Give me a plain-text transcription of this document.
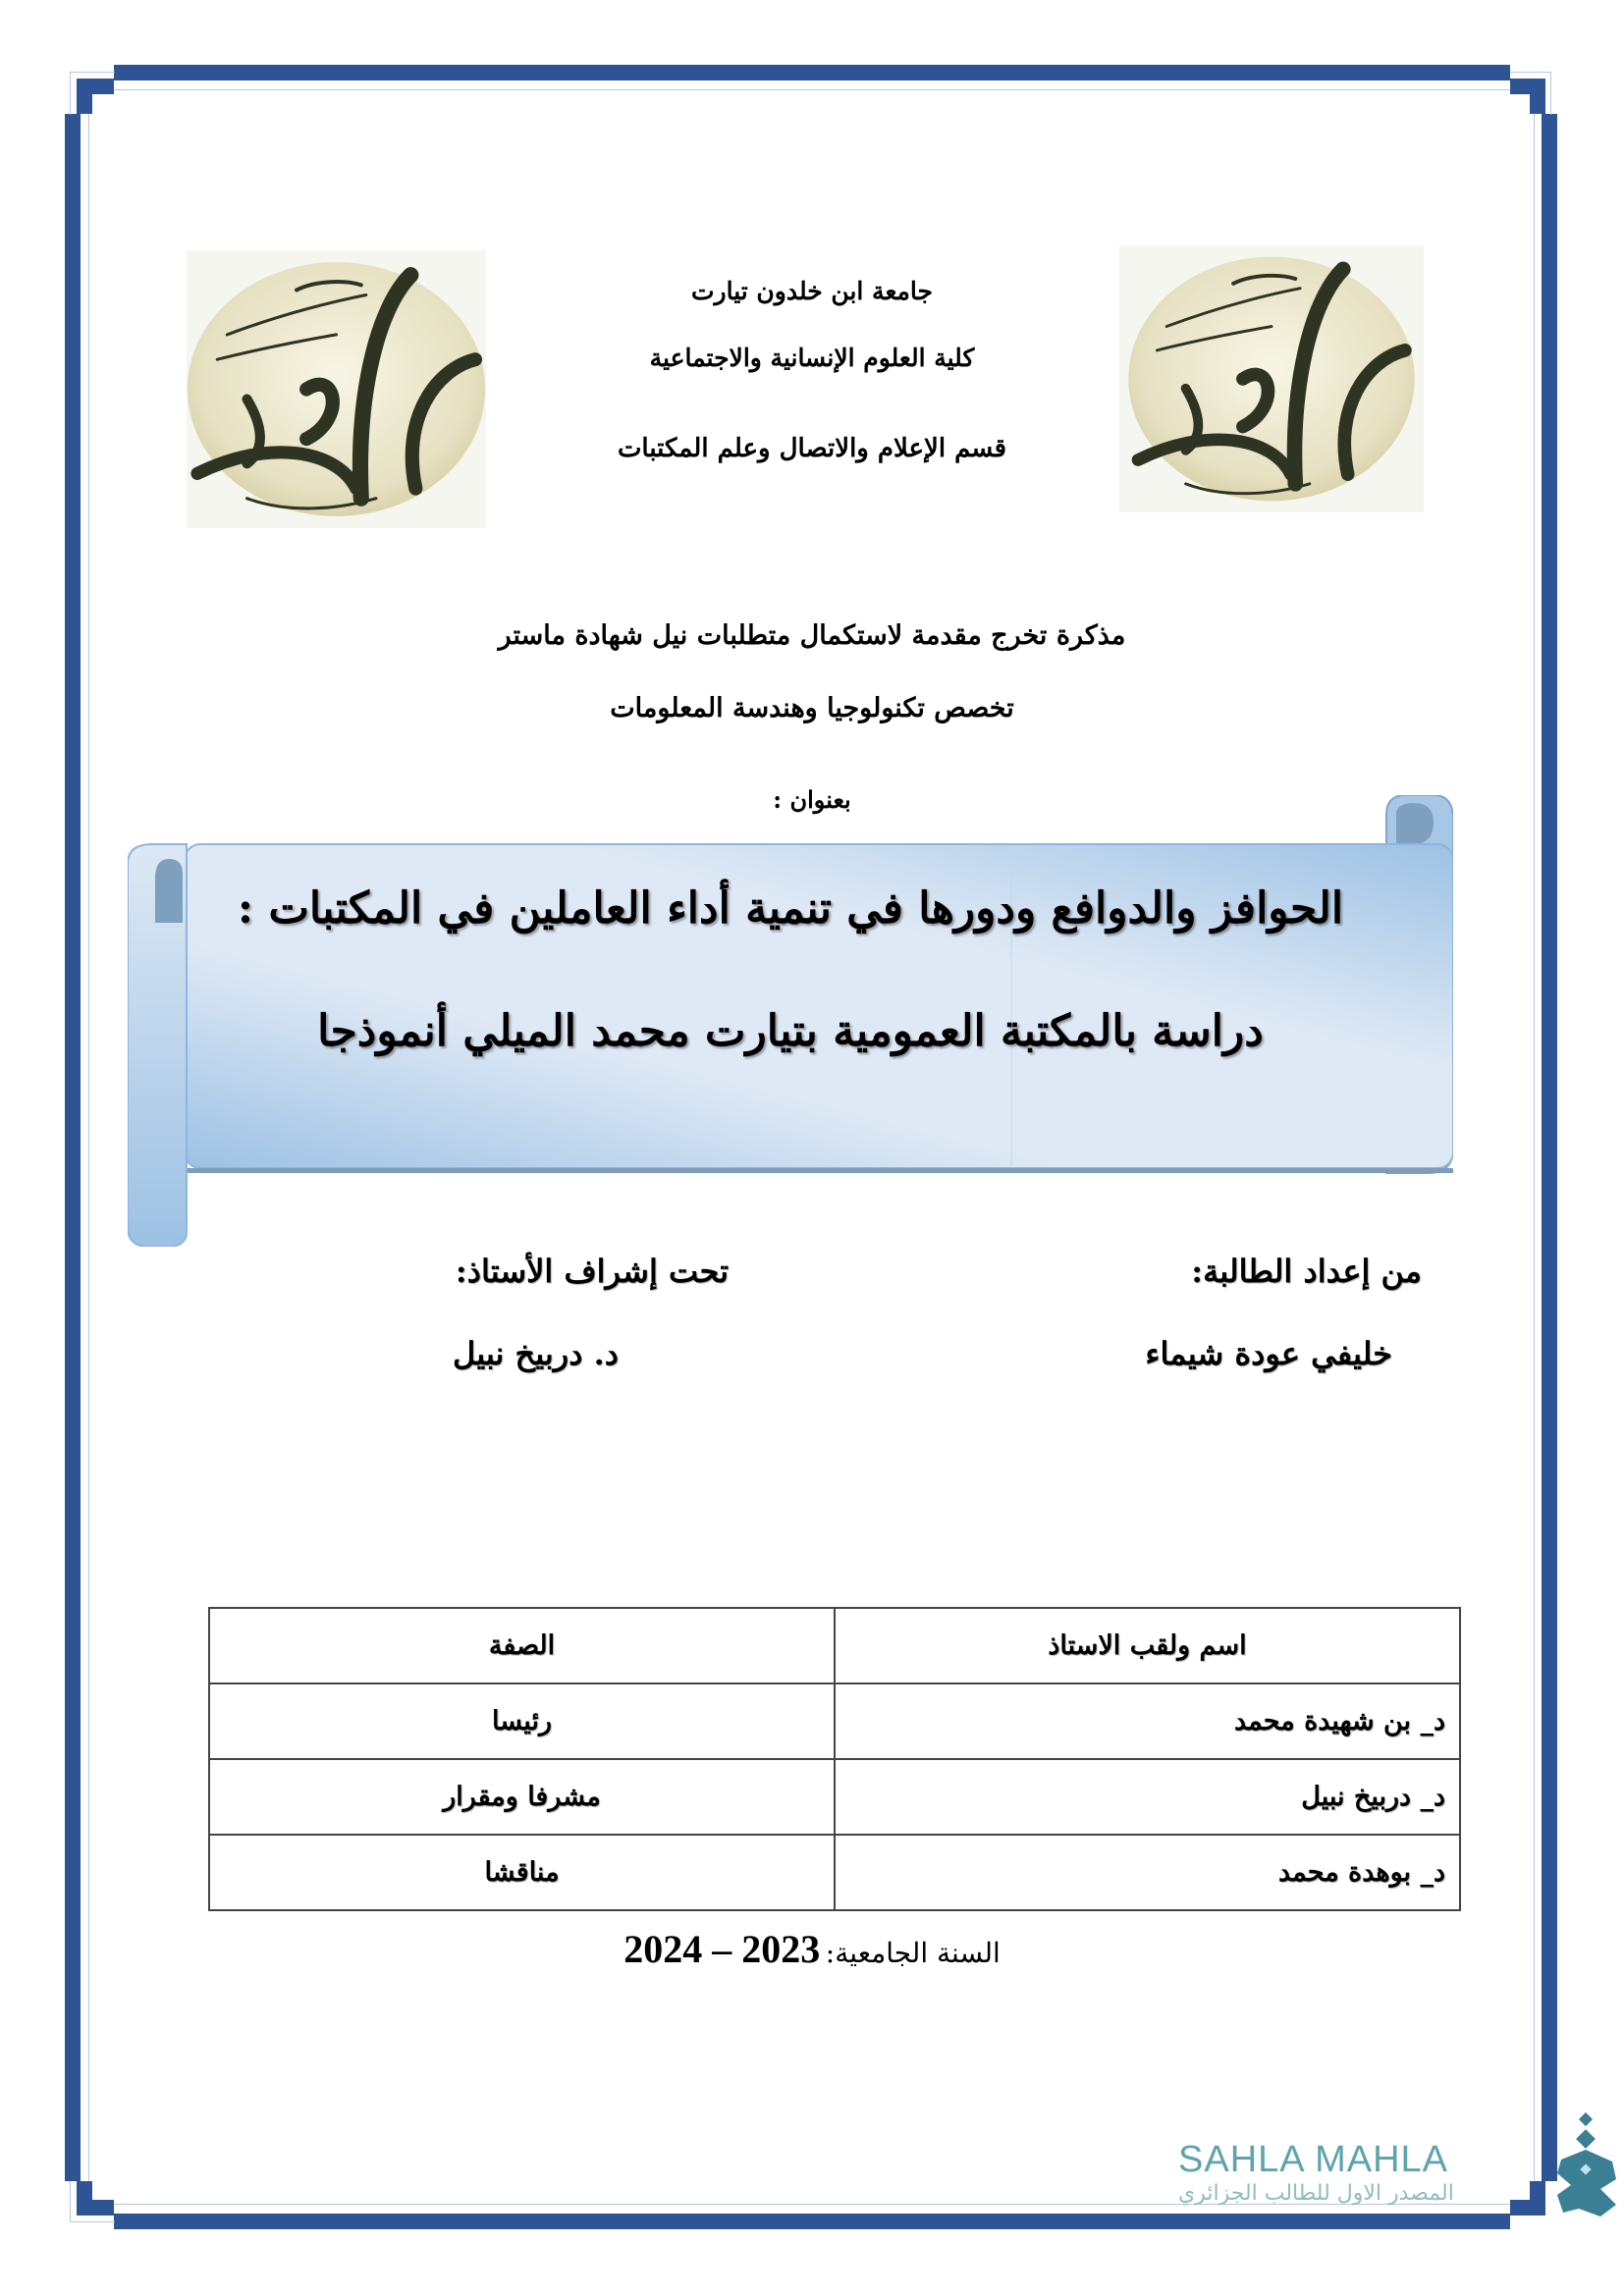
جامعة ابن خلدون تيارت
كلية العلوم الإنسانية والاجتماعية
قسم الإعلام والاتصال وعلم المكتبات
مذكرة تخرج مقدمة لاستكمال متطلبات نيل شهادة ماستر
تخصص تكنولوجيا وهندسة المعلومات
بعنوان :
الحوافز والدوافع ودورها في تنمية أداء العاملين في المكتبات :
دراسة بالمكتبة العمومية بتيارت محمد الميلي أنموذجا
من إعداد الطالبة:
تحت إشراف الأستاذ:
خليفي عودة شيماء
د. دربيخ نبيل
اسم ولقب الاستاذ	الصفة
د_ بن شهيدة محمد	رئيسا
د_ دربيخ نبيل	مشرفا ومقرار
د_ بوهدة محمد	مناقشا
السنة الجامعية: 2024 – 2023
SAHLA MAHLA
المصدر الاول للطالب الجزائري
